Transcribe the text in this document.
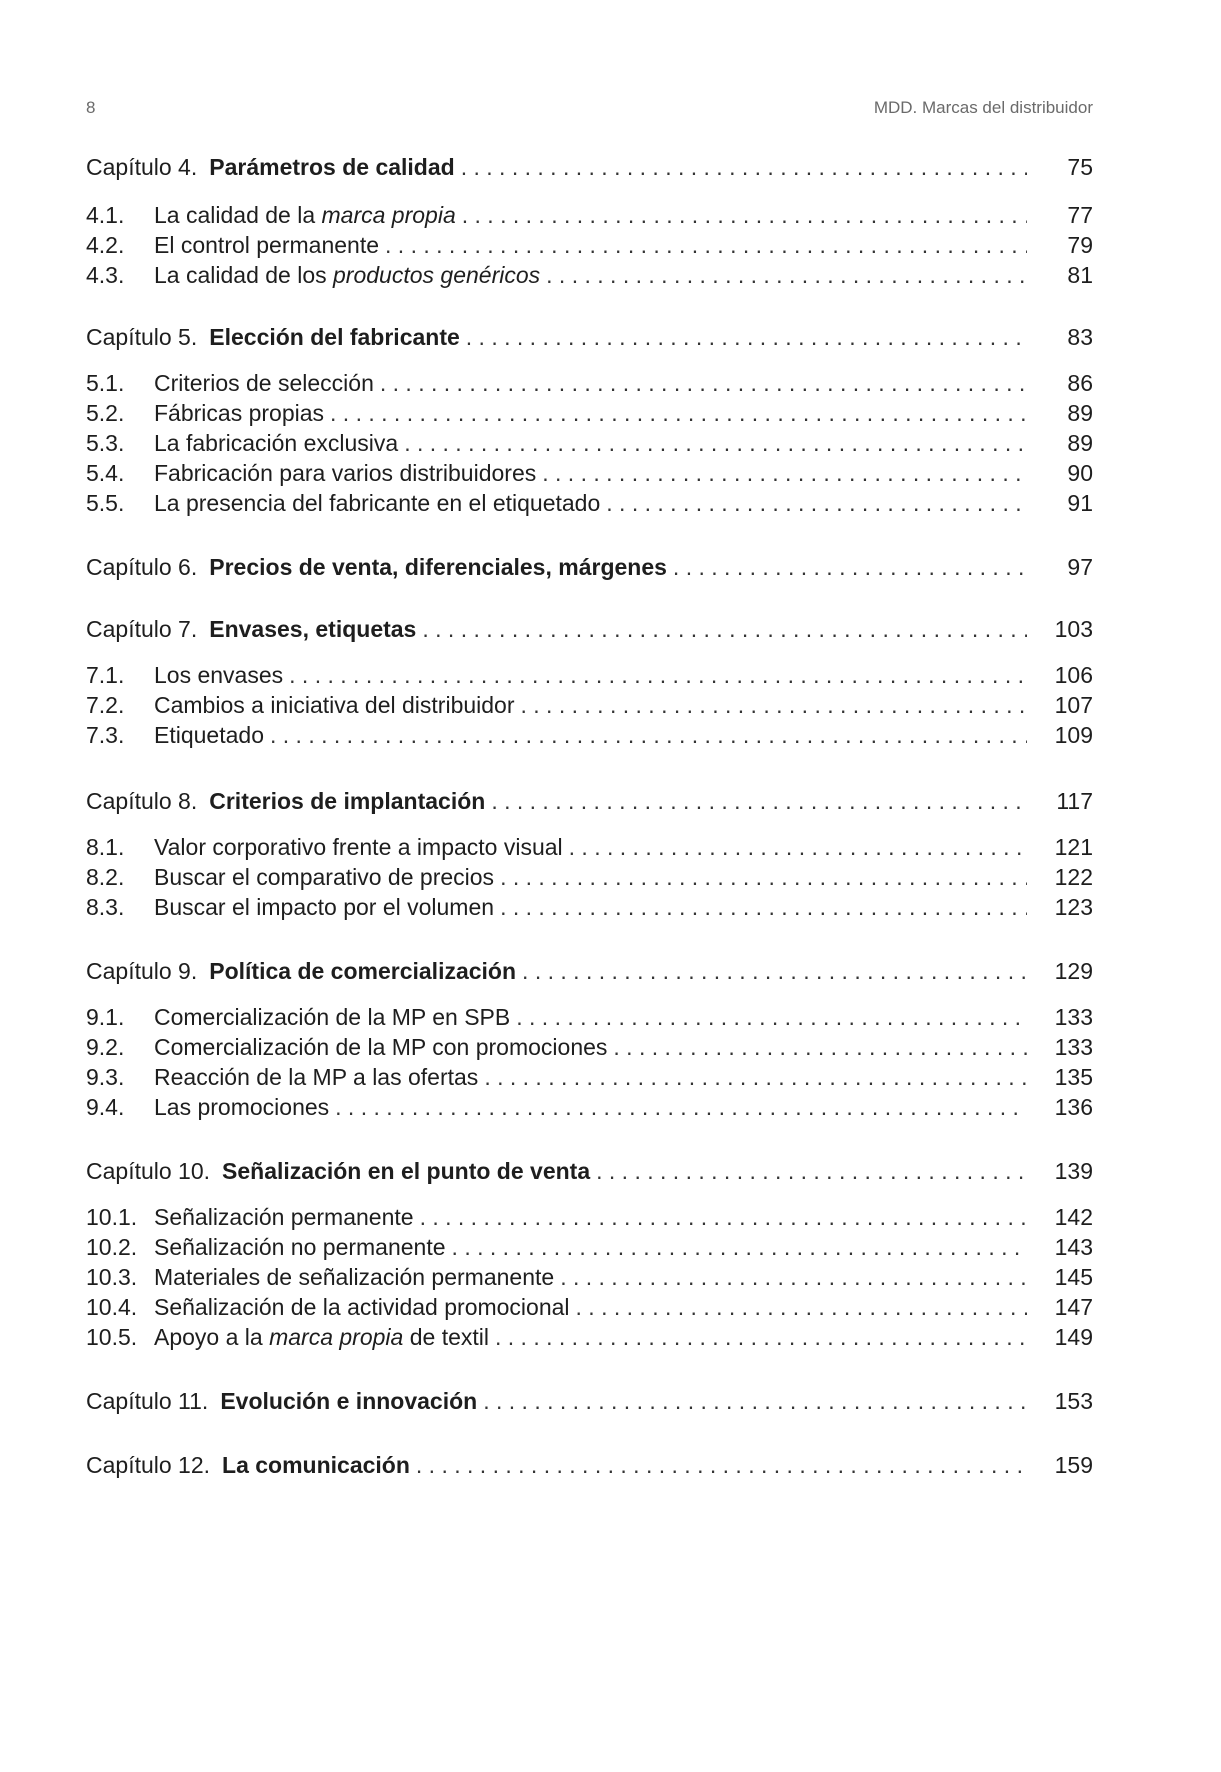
8	MDD. Marcas del distribuidor
Capítulo 4. Parámetros de calidad . . .	75
4.1.	La calidad de la marca propia . . .	77
4.2.	El control permanente . . .	79
4.3.	La calidad de los productos genéricos . . .	81
Capítulo 5. Elección del fabricante . . .	83
5.1.	Criterios de selección . . .	86
5.2.	Fábricas propias . . .	89
5.3.	La fabricación exclusiva . . .	89
5.4.	Fabricación para varios distribuidores . . .	90
5.5.	La presencia del fabricante en el etiquetado . . .	91
Capítulo 6. Precios de venta, diferenciales, márgenes . . .	97
Capítulo 7. Envases, etiquetas . . .	103
7.1.	Los envases . . .	106
7.2.	Cambios a iniciativa del distribuidor . . .	107
7.3.	Etiquetado . . .	109
Capítulo 8. Criterios de implantación . . .	117
8.1.	Valor corporativo frente a impacto visual . . .	121
8.2.	Buscar el comparativo de precios . . .	122
8.3.	Buscar el impacto por el volumen . . .	123
Capítulo 9. Política de comercialización . . .	129
9.1.	Comercialización de la MP en SPB . . .	133
9.2.	Comercialización de la MP con promociones . . .	133
9.3.	Reacción de la MP a las ofertas . . .	135
9.4.	Las promociones . . .	136
Capítulo 10. Señalización en el punto de venta . . .	139
10.1. Señalización permanente . . .	142
10.2. Señalización no permanente . . .	143
10.3. Materiales de señalización permanente . . .	145
10.4. Señalización de la actividad promocional . . .	147
10.5. Apoyo a la marca propia de textil . . .	149
Capítulo 11. Evolución e innovación . . .	153
Capítulo 12. La comunicación . . .	159
